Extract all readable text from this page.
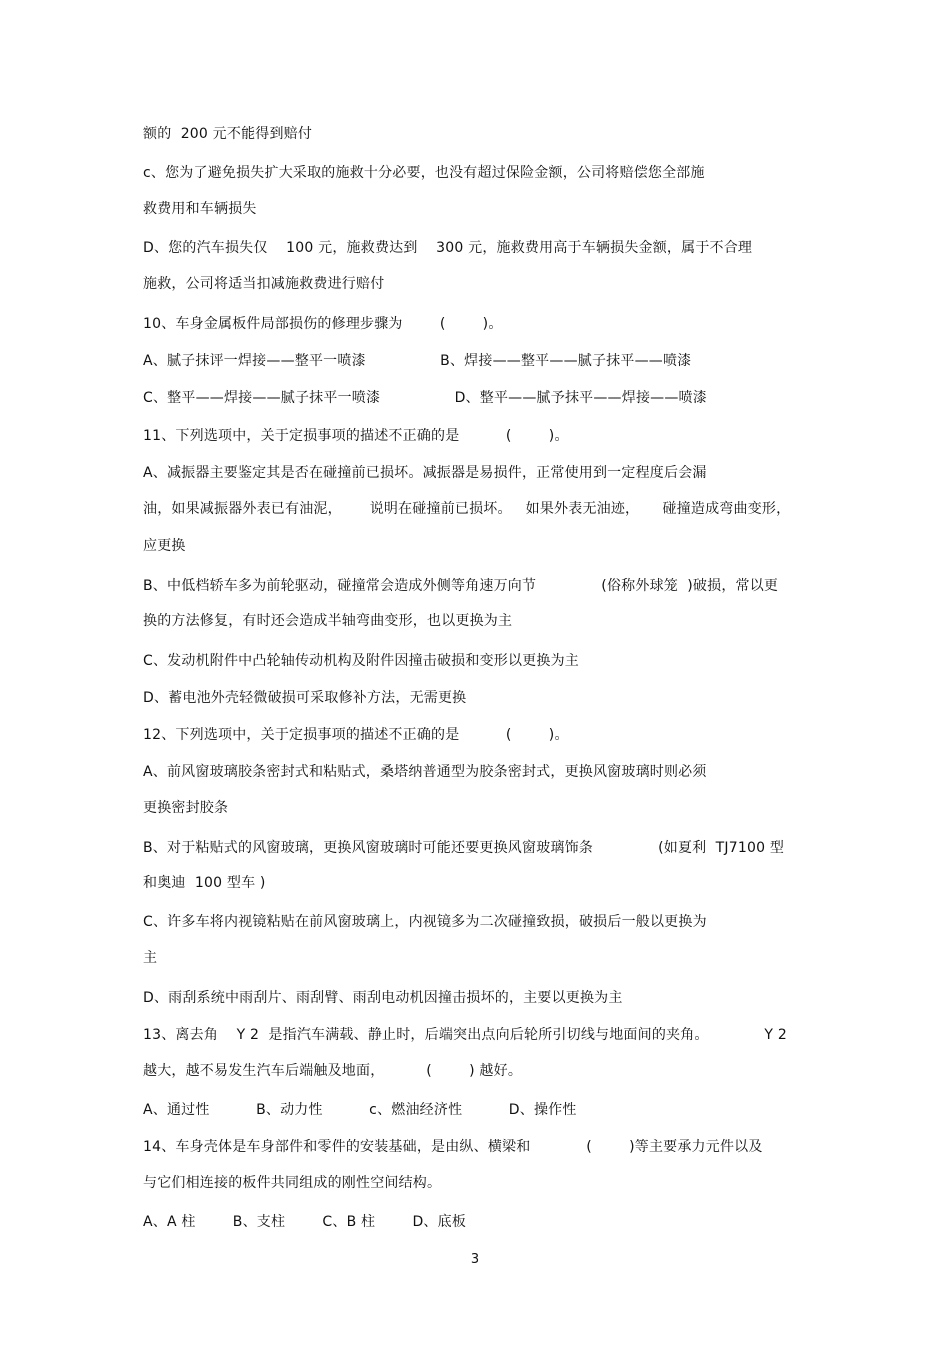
额的  200 元不能得到赔付
c、您为了避免损失扩大采取的施救十分必要，也没有超过保险金额，公司将赔偿您全部施
救费用和车辆损失
D、您的汽车损失仅    100 元，施救费达到    300 元，施救费用高于车辆损失金额，属于不合理
施救，公司将适当扣减施救费进行赔付
10、车身金属板件局部损伤的修理步骤为        (        )。
A、腻子抹评一焊接——整平一喷漆                B、焊接——整平——腻子抹平——喷漆
C、整平——焊接——腻子抹平一喷漆                D、整平——腻予抹平——焊接——喷漆
11、下列选项中，关于定损事项的描述不正确的是          (        )。
A、减振器主要鉴定其是否在碰撞前已损坏。减振器是易损件，正常使用到一定程度后会漏
油，如果减振器外表已有油泥，      说明在碰撞前已损坏。   如果外表无油迹，     碰撞造成弯曲变形，
应更换
B、中低档轿车多为前轮驱动，碰撞常会造成外侧等角速万向节              (俗称外球笼  )破损，常以更
换的方法修复，有时还会造成半轴弯曲变形，也以更换为主
C、发动机附件中凸轮轴传动机构及附件因撞击破损和变形以更换为主
D、蓄电池外壳轻微破损可采取修补方法，无需更换
12、下列选项中，关于定损事项的描述不正确的是          (        )。
A、前风窗玻璃胶条密封式和粘贴式，桑塔纳普通型为胶条密封式，更换风窗玻璃时则必须
更换密封胶条
B、对于粘贴式的风窗玻璃，更换风窗玻璃时可能还要更换风窗玻璃饰条              (如夏利  TJ7100 型
和奥迪  100 型车 )
C、许多车将内视镜粘贴在前风窗玻璃上，内视镜多为二次碰撞致损，破损后一般以更换为
主
D、雨刮系统中雨刮片、雨刮臂、雨刮电动机因撞击损坏的，主要以更换为主
13、离去角    Y 2  是指汽车满载、静止时，后端突出点向后轮所引切线与地面间的夹角。            Y 2
越大，越不易发生汽车后端触及地面，         (        ) 越好。
A、通过性          B、动力性          c、燃油经济性          D、操作性
14、车身壳体是车身部件和零件的安装基础，是由纵、横梁和            (        )等主要承力元件以及
与它们相连接的板件共同组成的刚性空间结构。
A、A 柱        B、支柱        C、B 柱        D、底板
3
